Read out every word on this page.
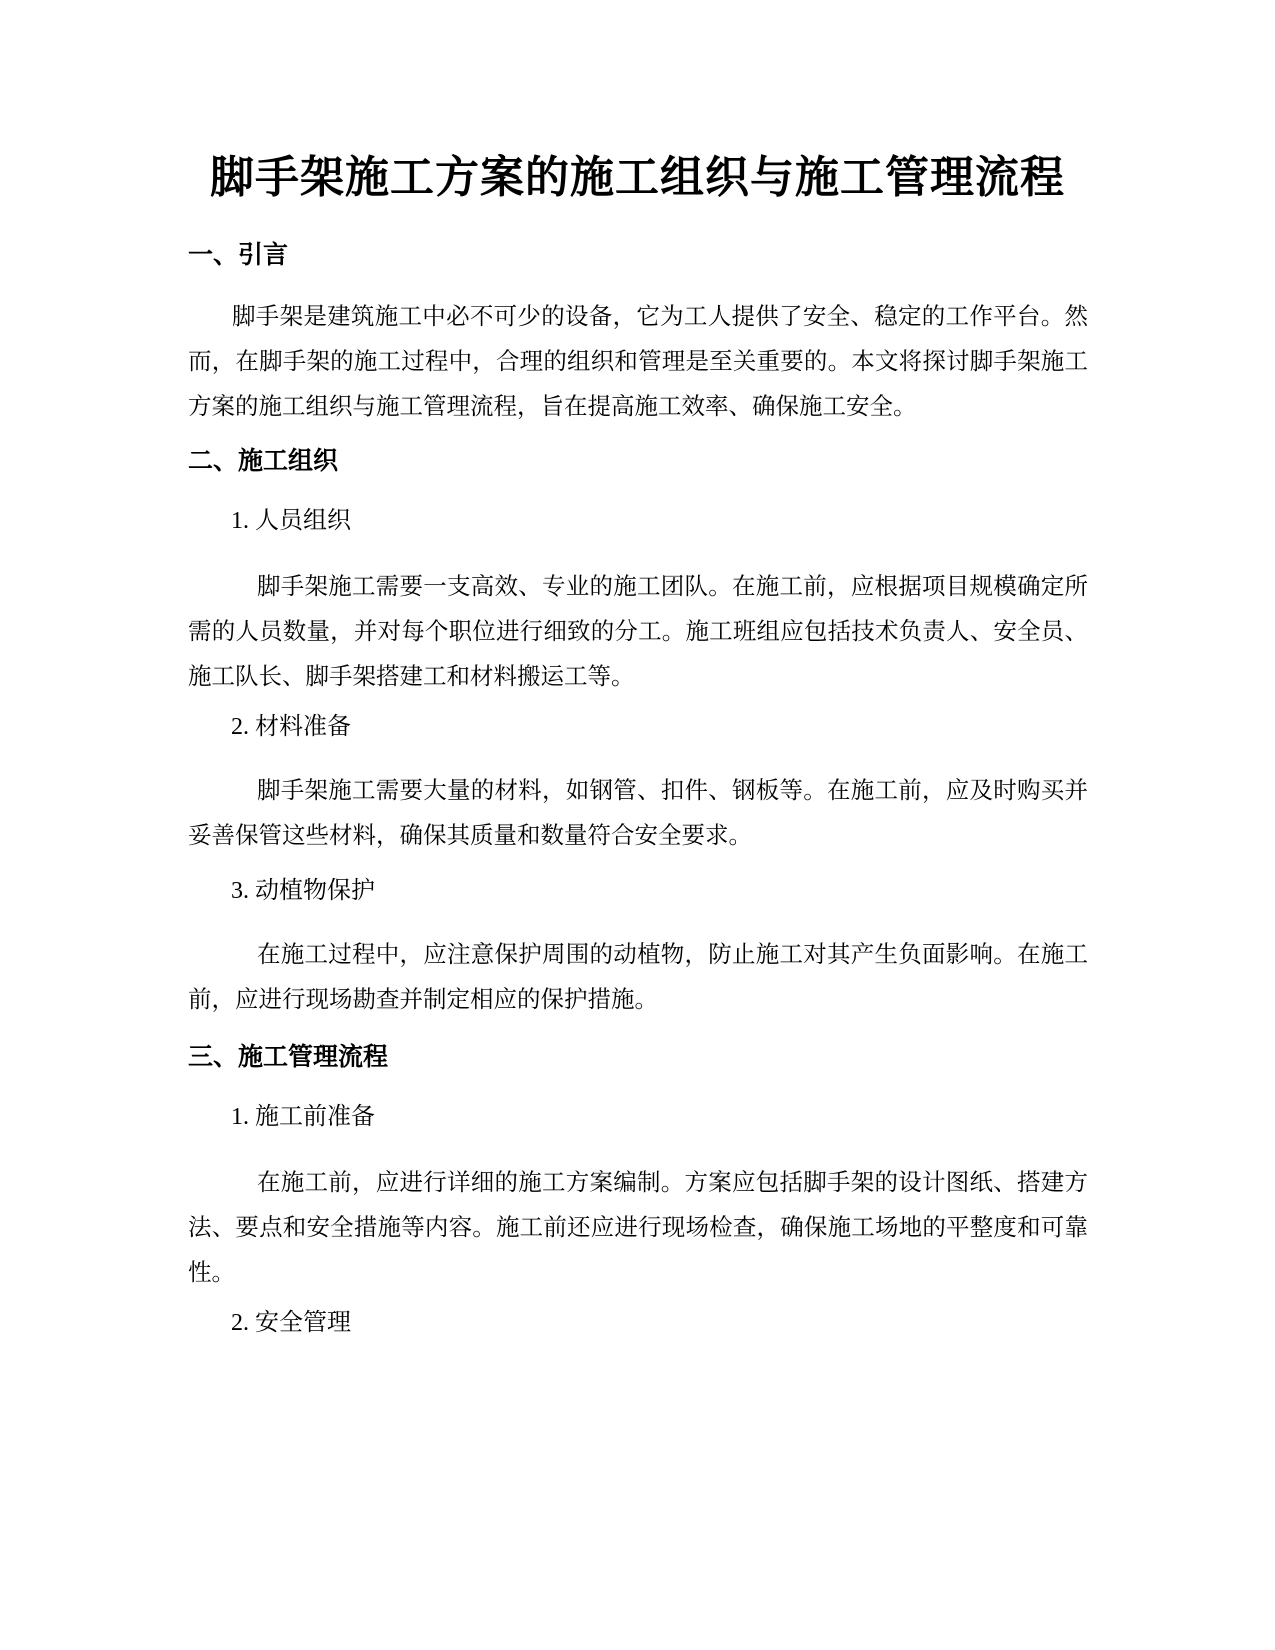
脚手架施工方案的施工组织与施工管理流程
一、引言

脚手架是建筑施工中必不可少的设备，它为工人提供了安全、稳定的工作平台。然而，在脚手架的施工过程中，合理的组织和管理是至关重要的。本文将探讨脚手架施工方案的施工组织与施工管理流程，旨在提高施工效率、确保施工安全。

二、施工组织

1. 人员组织

脚手架施工需要一支高效、专业的施工团队。在施工前，应根据项目规模确定所需的人员数量，并对每个职位进行细致的分工。施工班组应包括技术负责人、安全员、施工队长、脚手架搭建工和材料搬运工等。

2. 材料准备

脚手架施工需要大量的材料，如钢管、扣件、钢板等。在施工前，应及时购买并妥善保管这些材料，确保其质量和数量符合安全要求。

3. 动植物保护

在施工过程中，应注意保护周围的动植物，防止施工对其产生负面影响。在施工前，应进行现场勘查并制定相应的保护措施。

三、施工管理流程

1. 施工前准备

在施工前，应进行详细的施工方案编制。方案应包括脚手架的设计图纸、搭建方法、要点和安全措施等内容。施工前还应进行现场检查，确保施工场地的平整度和可靠性。

2. 安全管理
